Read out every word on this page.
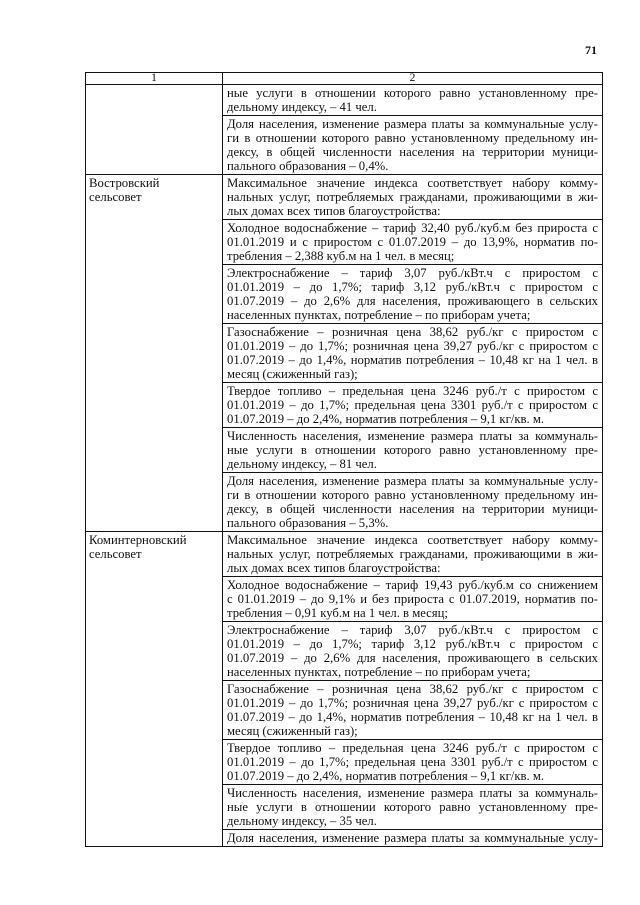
71
1	2
ные услуги в отношении которого равно установленному пре-
дельному индексу, – 41 чел.
Доля населения, изменение размера платы за коммунальные услу-
ги в отношении которого равно установленному предельному ин-
дексу, в общей численности населения на территории муници-
пального образования – 0,4%.
Востровский
сельсовет
Максимальное значение индекса соответствует набору комму-
нальных услуг, потребляемых гражданами, проживающими в жи-
лых домах всех типов благоустройства:
Холодное водоснабжение – тариф 32,40 руб./куб.м без прироста с
01.01.2019 и с приростом с 01.07.2019 – до 13,9%, норматив по-
требления – 2,388 куб.м на 1 чел. в месяц;
Электроснабжение – тариф 3,07 руб./кВт.ч с приростом с
01.01.2019 – до 1,7%; тариф 3,12 руб./кВт.ч с приростом с
01.07.2019 – до 2,6% для населения, проживающего в сельских
населенных пунктах, потребление – по приборам учета;
Газоснабжение – розничная цена 38,62 руб./кг с приростом с
01.01.2019 – до 1,7%; розничная цена 39,27 руб./кг с приростом с
01.07.2019 – до 1,4%, норматив потребления – 10,48 кг на 1 чел. в
месяц (сжиженный газ);
Твердое топливо – предельная цена 3246 руб./т с приростом с
01.01.2019 – до 1,7%; предельная цена 3301 руб./т с приростом с
01.07.2019 – до 2,4%, норматив потребления – 9,1 кг/кв. м.
Численность населения, изменение размера платы за коммуналь-
ные услуги в отношении которого равно установленному пре-
дельному индексу, – 81 чел.
Доля населения, изменение размера платы за коммунальные услу-
ги в отношении которого равно установленному предельному ин-
дексу, в общей численности населения на территории муници-
пального образования – 5,3%.
Коминтерновский
сельсовет
Максимальное значение индекса соответствует набору комму-
нальных услуг, потребляемых гражданами, проживающими в жи-
лых домах всех типов благоустройства:
Холодное водоснабжение – тариф 19,43 руб./куб.м со снижением
с 01.01.2019 – до 9,1% и без прироста с 01.07.2019, норматив по-
требления – 0,91 куб.м на 1 чел. в месяц;
Электроснабжение – тариф 3,07 руб./кВт.ч с приростом с
01.01.2019 – до 1,7%; тариф 3,12 руб./кВт.ч с приростом с
01.07.2019 – до 2,6% для населения, проживающего в сельских
населенных пунктах, потребление – по приборам учета;
Газоснабжение – розничная цена 38,62 руб./кг с приростом с
01.01.2019 – до 1,7%; розничная цена 39,27 руб./кг с приростом с
01.07.2019 – до 1,4%, норматив потребления – 10,48 кг на 1 чел. в
месяц (сжиженный газ);
Твердое топливо – предельная цена 3246 руб./т с приростом с
01.01.2019 – до 1,7%; предельная цена 3301 руб./т с приростом с
01.07.2019 – до 2,4%, норматив потребления – 9,1 кг/кв. м.
Численность населения, изменение размера платы за коммуналь-
ные услуги в отношении которого равно установленному пре-
дельному индексу, – 35 чел.
Доля населения, изменение размера платы за коммунальные услу-
